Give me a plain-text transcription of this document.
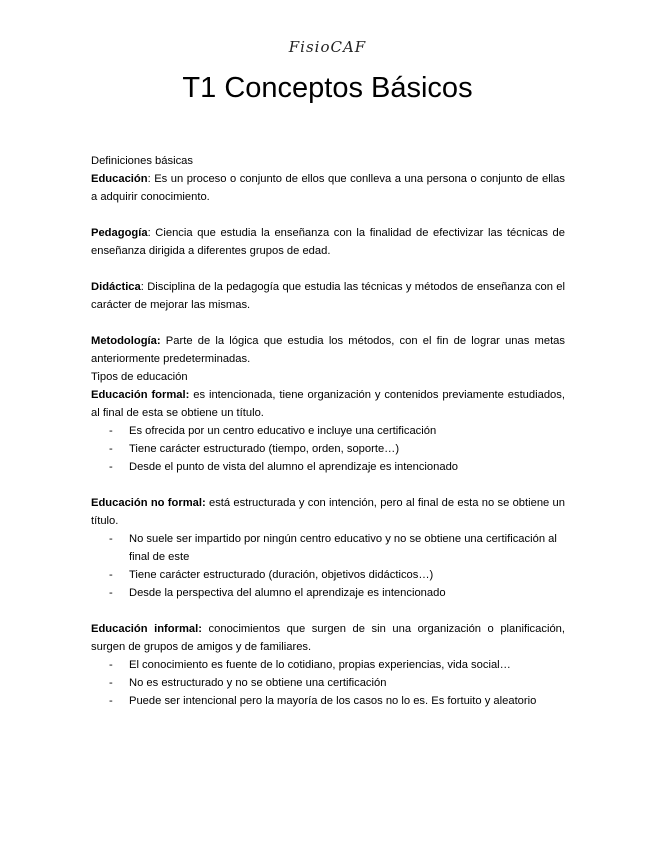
FisioCAF
T1 Conceptos Básicos

Definiciones básicas

Educación: Es un proceso o conjunto de ellos que conlleva a una persona o conjunto de ellas a adquirir conocimiento.

Pedagogía: Ciencia que estudia la enseñanza con la finalidad de efectivizar las técnicas de enseñanza dirigida a diferentes grupos de edad.

Didáctica: Disciplina de la pedagogía que estudia las técnicas y métodos de enseñanza con el carácter de mejorar las mismas.

Metodología: Parte de la lógica que estudia los métodos, con el fin de lograr unas metas anteriormente predeterminadas.

Tipos de educación

Educación formal: es intencionada, tiene organización y contenidos previamente estudiados, al final de esta se obtiene un título.

- Es ofrecida por un centro educativo e incluye una certificación
- Tiene carácter estructurado (tiempo, orden, soporte…)
- Desde el punto de vista del alumno el aprendizaje es intencionado

Educación no formal: está estructurada y con intención, pero al final de esta no se obtiene un título.

- No suele ser impartido por ningún centro educativo y no se obtiene una certificación al final de este
- Tiene carácter estructurado (duración, objetivos didácticos…)
- Desde la perspectiva del alumno el aprendizaje es intencionado

Educación informal: conocimientos que surgen de sin una organización o planificación, surgen de grupos de amigos y de familiares.

- El conocimiento es fuente de lo cotidiano, propias experiencias, vida social…
- No es estructurado y no se obtiene una certificación
- Puede ser intencional pero la mayoría de los casos no lo es. Es fortuito y aleatorio
